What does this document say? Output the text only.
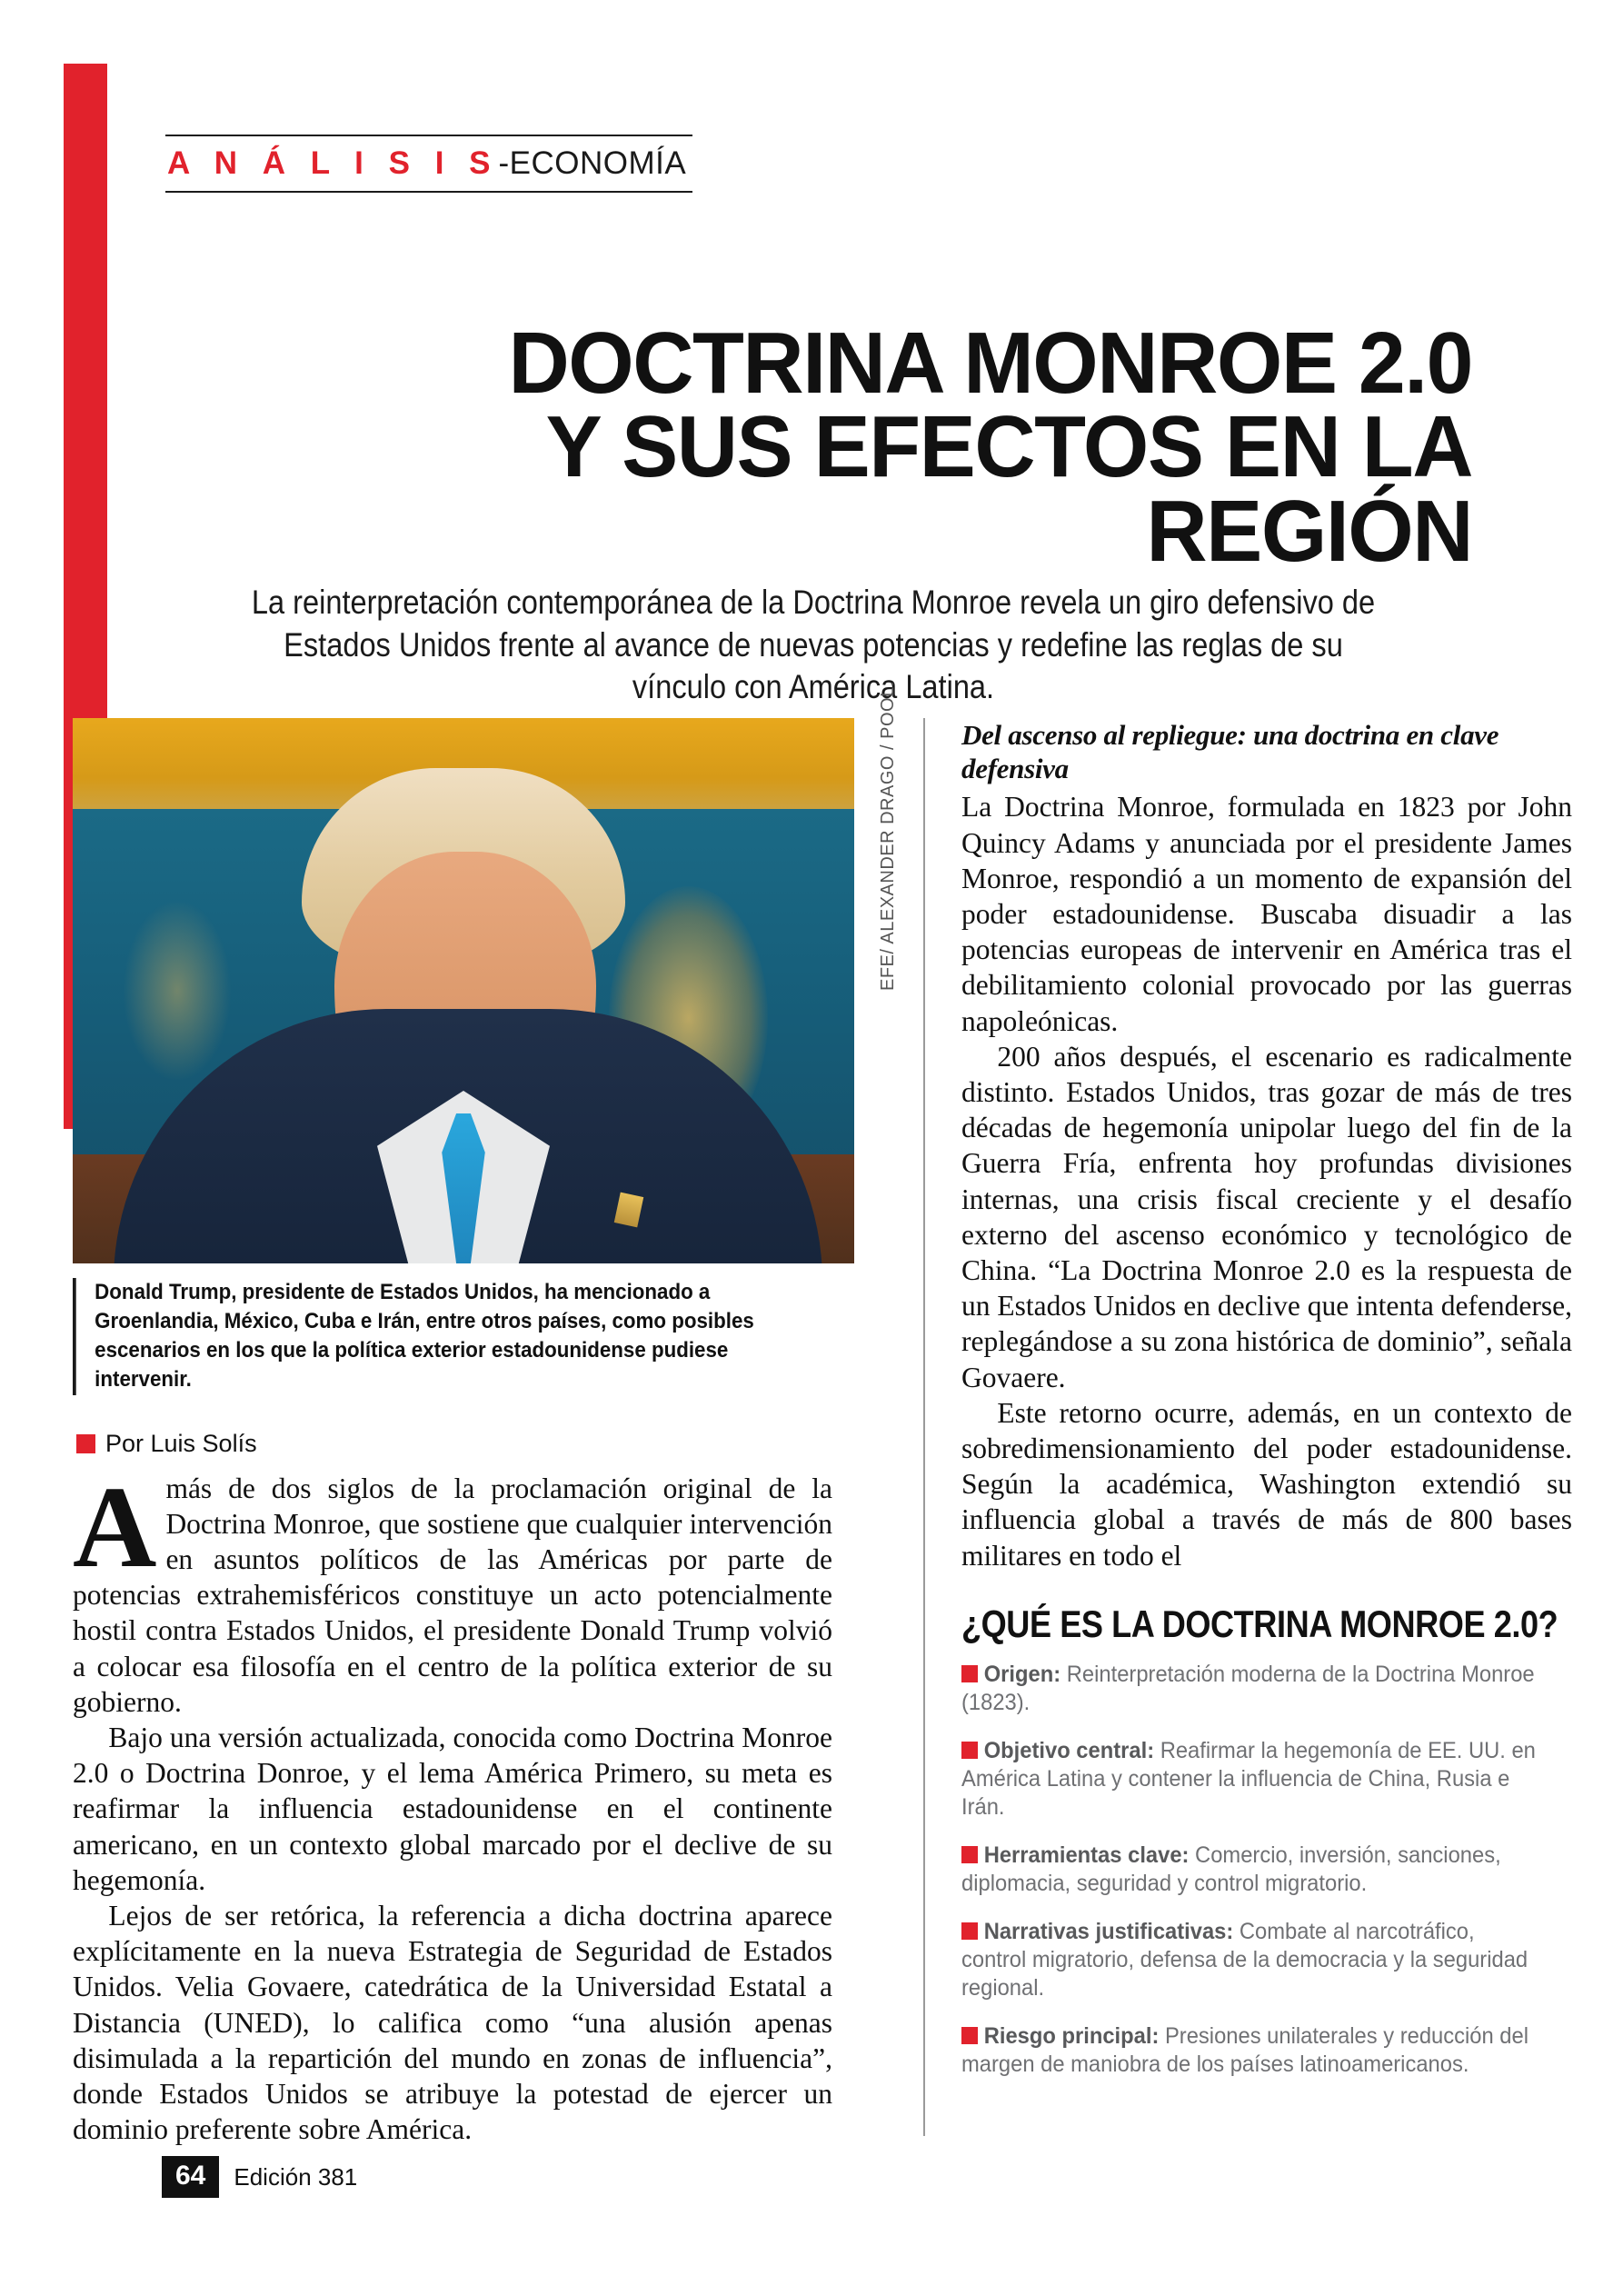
A N Á L I S I S-ECONOMÍA
DOCTRINA MONROE 2.0
Y SUS EFECTOS EN LA
REGIÓN
La reinterpretación contemporánea de la Doctrina Monroe revela un giro defensivo de Estados Unidos frente al avance de nuevas potencias y redefine las reglas de su vínculo con América Latina.
EFE/ ALEXANDER DRAGO / POOL.
Donald Trump, presidente de Estados Unidos, ha mencionado a Groenlandia, México, Cuba e Irán, entre otros países, como posibles escenarios en los que la política exterior estadounidense pudiese intervenir.
Por Luis Solís

Amás de dos siglos de la proclamación original de la Doctrina Monroe, que sostiene que cualquier intervención en asuntos políticos de las Américas por parte de potencias extrahemisféricos constituye un acto potencialmente hostil contra Estados Unidos, el presidente Donald Trump volvió a colocar esa filosofía en el centro de la política exterior de su gobierno.

Bajo una versión actualizada, conocida como Doctrina Monroe 2.0 o Doctrina Donroe, y el lema América Primero, su meta es reafirmar la influencia estadounidense en el continente americano, en un contexto global marcado por el declive de su hegemonía.

Lejos de ser retórica, la referencia a dicha doctrina aparece explícitamente en la nueva Estrategia de Seguridad de Estados Unidos. Velia Govaere, catedrática de la Universidad Estatal a Distancia (UNED), lo califica como “una alusión apenas disimulada a la repartición del mundo en zonas de influencia”, donde Estados Unidos se atribuye la potestad de ejercer un dominio preferente sobre América.

Del ascenso al repliegue: una doctrina en clave defensiva

La Doctrina Monroe, formulada en 1823 por John Quincy Adams y anunciada por el presidente James Monroe, respondió a un momento de expansión del poder estadounidense. Buscaba disuadir a las potencias europeas de intervenir en América tras el debilitamiento colonial provocado por las guerras napoleónicas.

200 años después, el escenario es radicalmente distinto. Estados Unidos, tras gozar de más de tres décadas de hegemonía unipolar luego del fin de la Guerra Fría, enfrenta hoy profundas divisiones internas, una crisis fiscal creciente y el desafío externo del ascenso económico y tecnológico de China. “La Doctrina Monroe 2.0 es la respuesta de un Estados Unidos en declive que intenta defenderse, replegándose a su zona histórica de dominio”, señala Govaere.

Este retorno ocurre, además, en un contexto de sobredimensionamiento del poder estadounidense. Según la académica, Washington extendió su influencia global a través de más de 800 bases militares en todo el

¿QUÉ ES LA DOCTRINA MONROE 2.0?
Origen: Reinterpretación moderna de la Doctrina Monroe (1823).
Objetivo central: Reafirmar la hegemonía de EE. UU. en América Latina y contener la influencia de China, Rusia e Irán.
Herramientas clave: Comercio, inversión, sanciones, diplomacia, seguridad y control migratorio.
Narrativas justificativas: Combate al narcotráfico, control migratorio, defensa de la democracia y la seguridad regional.
Riesgo principal: Presiones unilaterales y reducción del margen de maniobra de los países latinoamericanos.
64	Edición 381
